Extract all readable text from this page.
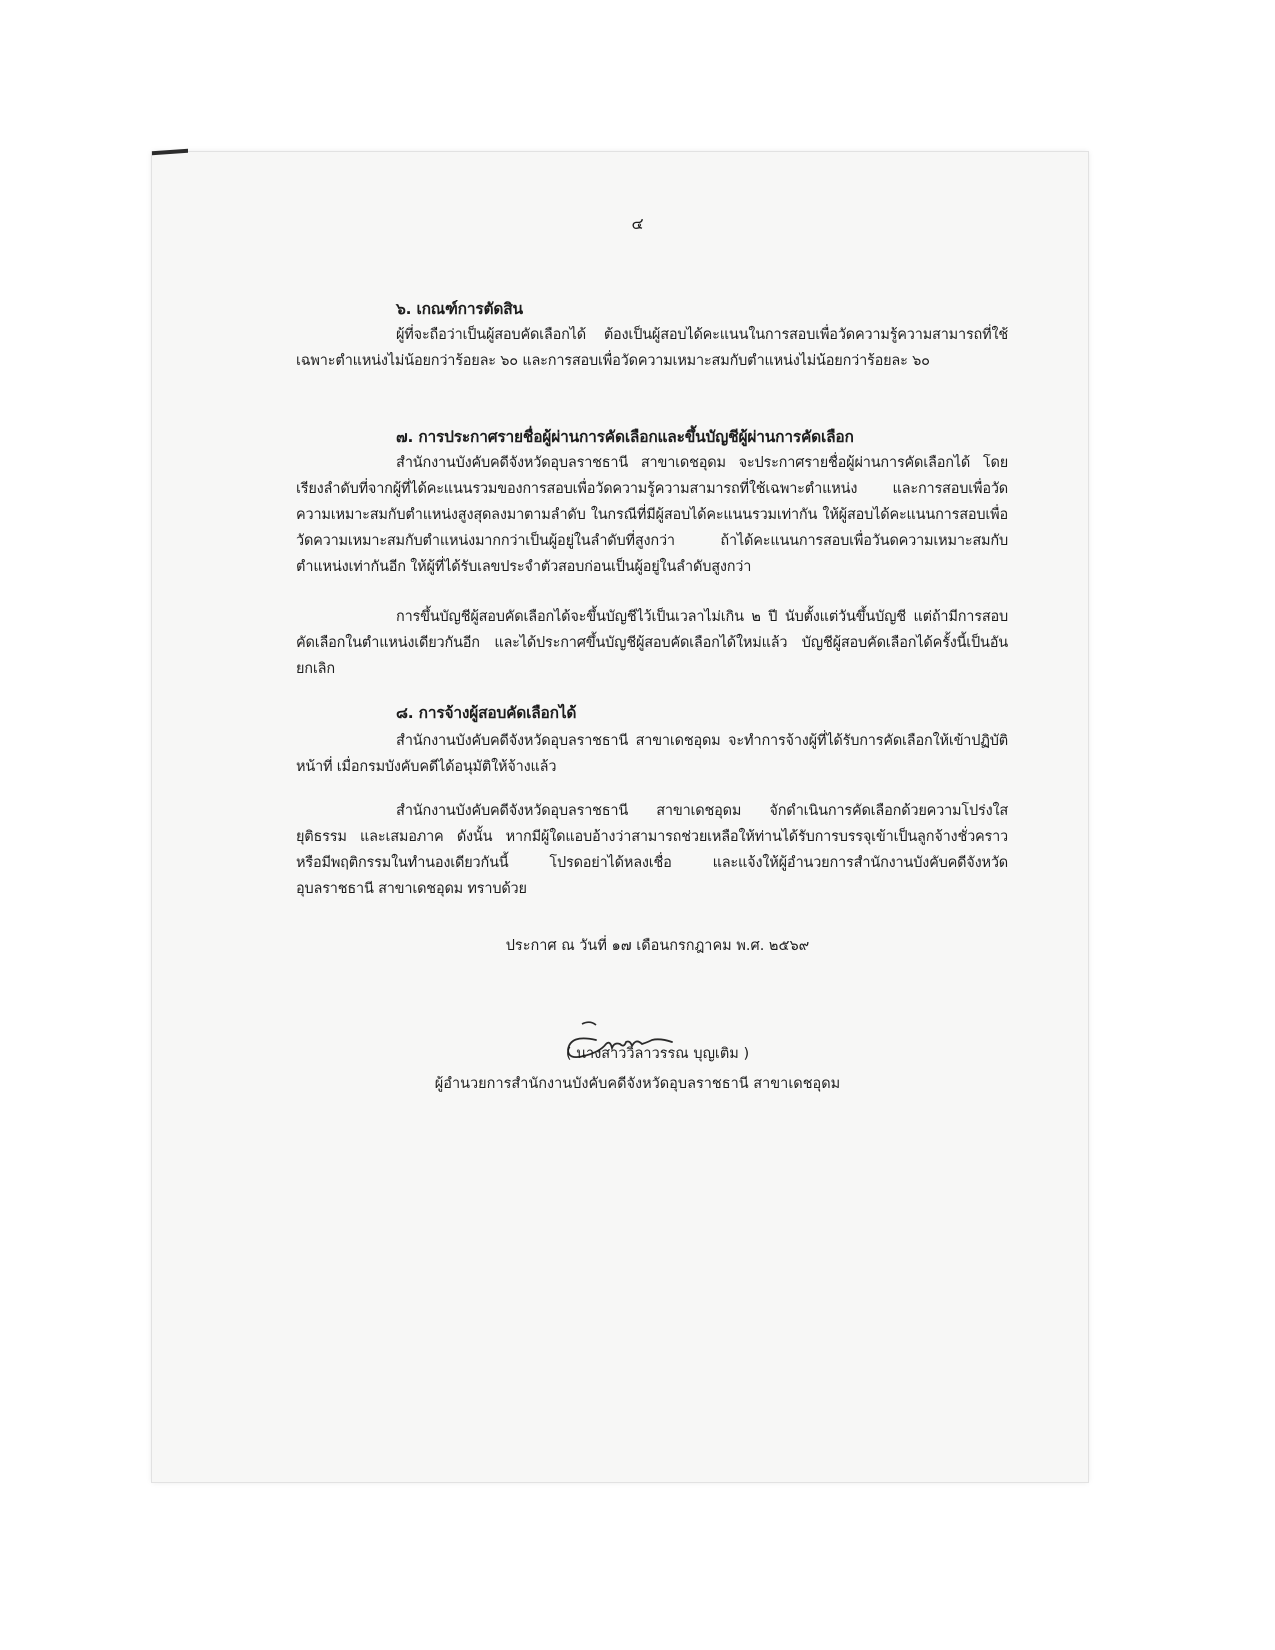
๔
๖. เกณฑ์การตัดสิน
ผู้ที่จะถือว่าเป็นผู้สอบคัดเลือกได้ ต้องเป็นผู้สอบได้คะแนนในการสอบเพื่อวัดความรู้ความสามารถที่ใช้เฉพาะตำแหน่งไม่น้อยกว่าร้อยละ ๖๐ และการสอบเพื่อวัดความเหมาะสมกับตำแหน่งไม่น้อยกว่าร้อยละ ๖๐
๗. การประกาศรายชื่อผู้ผ่านการคัดเลือกและขึ้นบัญชีผู้ผ่านการคัดเลือก
สำนักงานบังคับคดีจังหวัดอุบลราชธานี สาขาเดชอุดม จะประกาศรายชื่อผู้ผ่านการคัดเลือกได้ โดยเรียงลำดับที่จากผู้ที่ได้คะแนนรวมของการสอบเพื่อวัดความรู้ความสามารถที่ใช้เฉพาะตำแหน่ง และการสอบเพื่อวัดความเหมาะสมกับตำแหน่งสูงสุดลงมาตามลำดับ ในกรณีที่มีผู้สอบได้คะแนนรวมเท่ากัน ให้ผู้สอบได้คะแนนการสอบเพื่อวัดความเหมาะสมกับตำแหน่งมากกว่าเป็นผู้อยู่ในลำดับที่สูงกว่า ถ้าได้คะแนนการสอบเพื่อวันดความเหมาะสมกับตำแหน่งเท่ากันอีก ให้ผู้ที่ได้รับเลขประจำตัวสอบก่อนเป็นผู้อยู่ในลำดับสูงกว่า
การขึ้นบัญชีผู้สอบคัดเลือกได้จะขึ้นบัญชีไว้เป็นเวลาไม่เกิน ๒ ปี นับตั้งแต่วันขึ้นบัญชี แต่ถ้ามีการสอบคัดเลือกในตำแหน่งเดียวกันอีก และได้ประกาศขึ้นบัญชีผู้สอบคัดเลือกได้ใหม่แล้ว บัญชีผู้สอบคัดเลือกได้ครั้งนี้เป็นอันยกเลิก
๘. การจ้างผู้สอบคัดเลือกได้
สำนักงานบังคับคดีจังหวัดอุบลราชธานี สาขาเดชอุดม จะทำการจ้างผู้ที่ได้รับการคัดเลือกให้เข้าปฏิบัติหน้าที่ เมื่อกรมบังคับคดีได้อนุมัติให้จ้างแล้ว
สำนักงานบังคับคดีจังหวัดอุบลราชธานี สาขาเดชอุดม จักดำเนินการคัดเลือกด้วยความโปร่งใส ยุติธรรม และเสมอภาค ดังนั้น หากมีผู้ใดแอบอ้างว่าสามารถช่วยเหลือให้ท่านได้รับการบรรจุเข้าเป็นลูกจ้างชั่วคราว หรือมีพฤติกรรมในทำนองเดียวกันนี้ โปรดอย่าได้หลงเชื่อ และแจ้งให้ผู้อำนวยการสำนักงานบังคับคดีจังหวัดอุบลราชธานี สาขาเดชอุดม ทราบด้วย
ประกาศ ณ วันที่ ๑๗ เดือนกรกฎาคม พ.ศ. ๒๕๖๙
( นางสาววิลาวรรณ บุญเติม )
ผู้อำนวยการสำนักงานบังคับคดีจังหวัดอุบลราชธานี สาขาเดชอุดม
